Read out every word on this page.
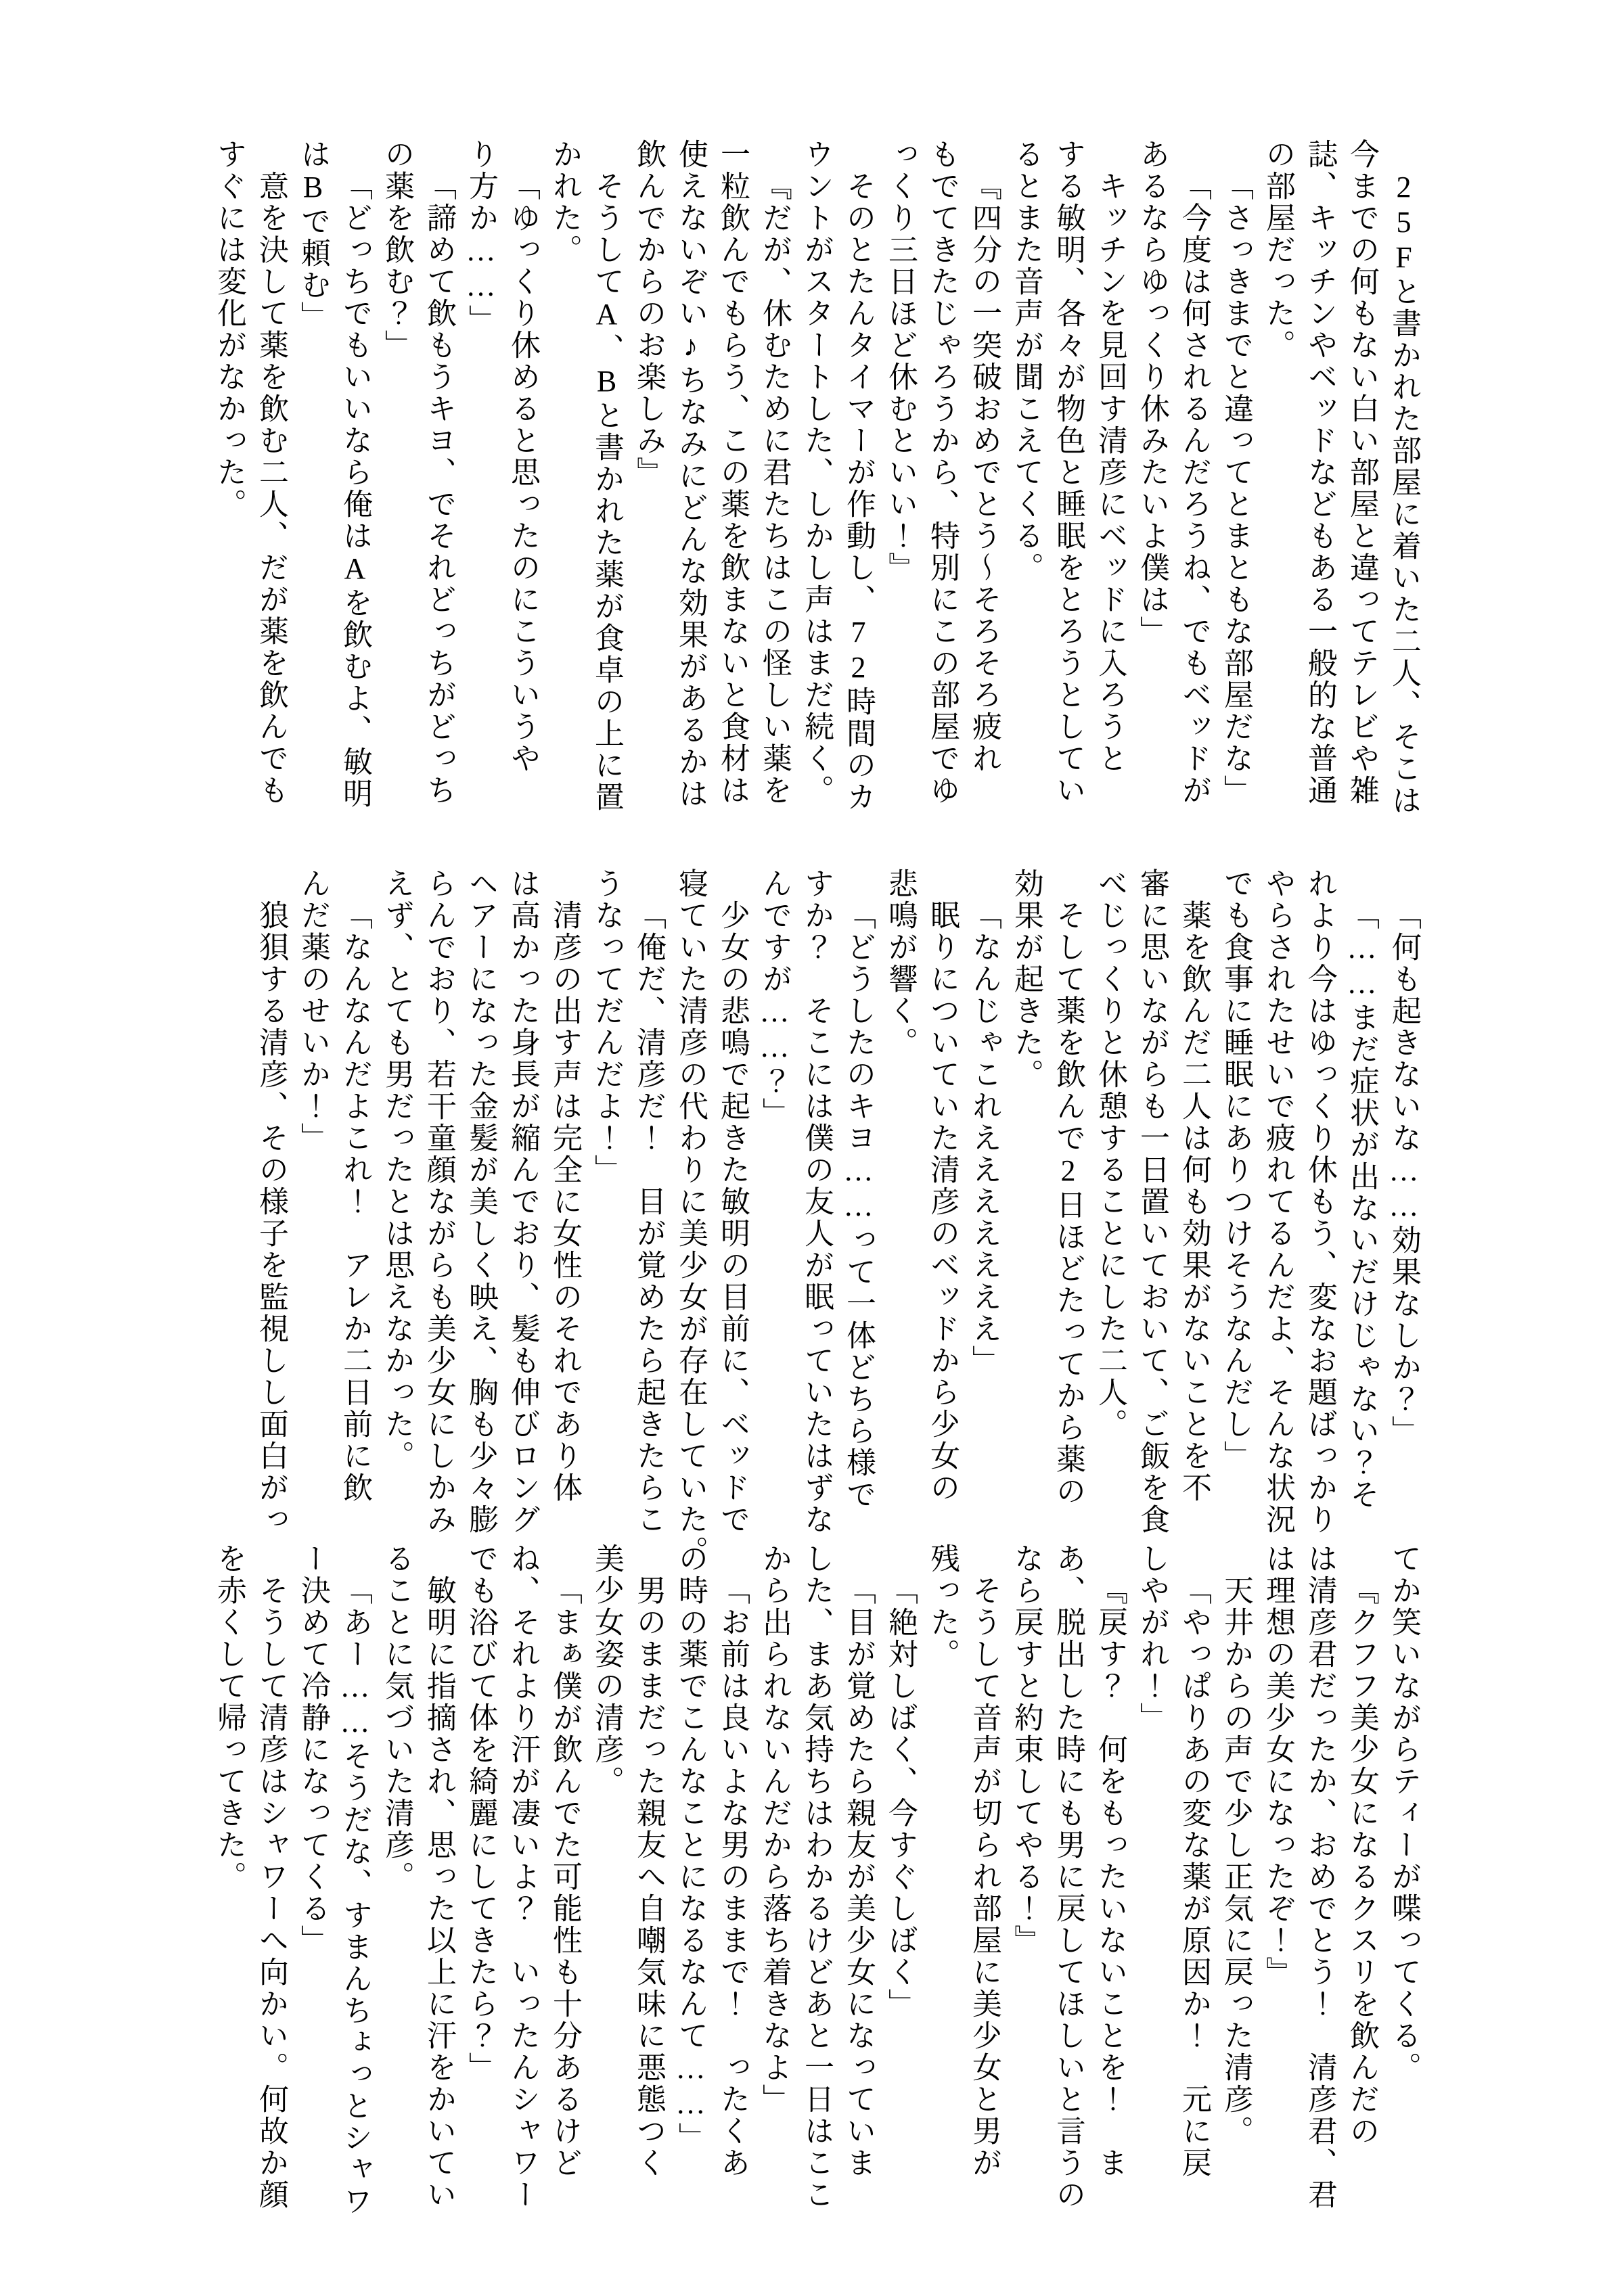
25Fと書かれた部屋に着いた二人、そこは
今までの何もない白い部屋と違ってテレビや雑
誌、キッチンやベッドなどもある一般的な普通
の部屋だった。
「さっきまでと違ってとまともな部屋だな」
「今度は何されるんだろうね、でもベッドが
あるならゆっくり休みたいよ僕は」
キッチンを見回す清彦にベッドに入ろうと
する敏明、各々が物色と睡眠をとろうとしてい
るとまた音声が聞こえてくる。
『四分の一突破おめでとう～そろそろ疲れ
もでてきたじゃろうから、特別にこの部屋でゆ
っくり三日ほど休むといい！』
そのとたんタイマーが作動し、72時間のカ
ウントがスタートした、しかし声はまだ続く。
『だが、休むために君たちはこの怪しい薬を
一粒飲んでもらう、この薬を飲まないと食材は
使えないぞい♪ちなみにどんな効果があるかは
飲んでからのお楽しみ』
そうしてA、Bと書かれた薬が食卓の上に置
かれた。
「ゆっくり休めると思ったのにこういうや
り方か……」
「諦めて飲もうキヨ、でそれどっちがどっち
の薬を飲む？」
「どっちでもいいなら俺はAを飲むよ、敏明
はBで頼む」
意を決して薬を飲む二人、だが薬を飲んでも
すぐには変化がなかった。
「何も起きないな……効果なしか？」
「……まだ症状が出ないだけじゃない？そ
れより今はゆっくり休もう、変なお題ばっかり
やらされたせいで疲れてるんだよ、そんな状況
でも食事に睡眠にありつけそうなんだし」
薬を飲んだ二人は何も効果がないことを不
審に思いながらも一日置いておいて、ご飯を食
べじっくりと休憩することにした二人。
そして薬を飲んで2日ほどたってから薬の
効果が起きた。
「なんじゃこれえええええええ」
眠りについていた清彦のベッドから少女の
悲鳴が響く。
「どうしたのキヨ……って一体どちら様で
すか？　そこには僕の友人が眠っていたはずな
んですが……？」
少女の悲鳴で起きた敏明の目前に、ベッドで
寝ていた清彦の代わりに美少女が存在していた。
「俺だ、清彦だ！　目が覚めたら起きたらこ
うなってだんだよ！」
清彦の出す声は完全に女性のそれであり体
は高かった身長が縮んでおり、髪も伸びロング
ヘアーになった金髪が美しく映え、胸も少々膨
らんでおり、若干童顔ながらも美少女にしかみ
えず、とても男だったとは思えなかった。
「なんなんだよこれ！　アレか二日前に飲
んだ薬のせいか！」
狼狽する清彦、その様子を監視しし面白がっ
てか笑いながらティーが喋ってくる。
『クフフ美少女になるクスリを飲んだの
は清彦君だったか、おめでとう！　清彦君、君
は理想の美少女になったぞ！』
天井からの声で少し正気に戻った清彦。
「やっぱりあの変な薬が原因か！　元に戻
しやがれ！」
『戻す？　何をもったいないことを！　ま
あ、脱出した時にも男に戻してほしいと言うの
なら戻すと約束してやる！』
そうして音声が切られ部屋に美少女と男が
残った。
「絶対しばく、今すぐしばく」
「目が覚めたら親友が美少女になっていま
した、まあ気持ちはわかるけどあと一日はここ
から出られないんだから落ち着きなよ」
「お前は良いよな男のままで！　ったくあ
の時の薬でこんなことになるなんて……」
男のままだった親友へ自嘲気味に悪態つく
美少女姿の清彦。
「まぁ僕が飲んでた可能性も十分あるけど
ね、それより汗が凄いよ？　いったんシャワー
でも浴びて体を綺麗にしてきたら？」
敏明に指摘され、思った以上に汗をかいてい
ることに気づいた清彦。
「あー……そうだな、すまんちょっとシャワ
ー決めて冷静になってくる」
そうして清彦はシャワーへ向かい。何故か顔
を赤くして帰ってきた。
